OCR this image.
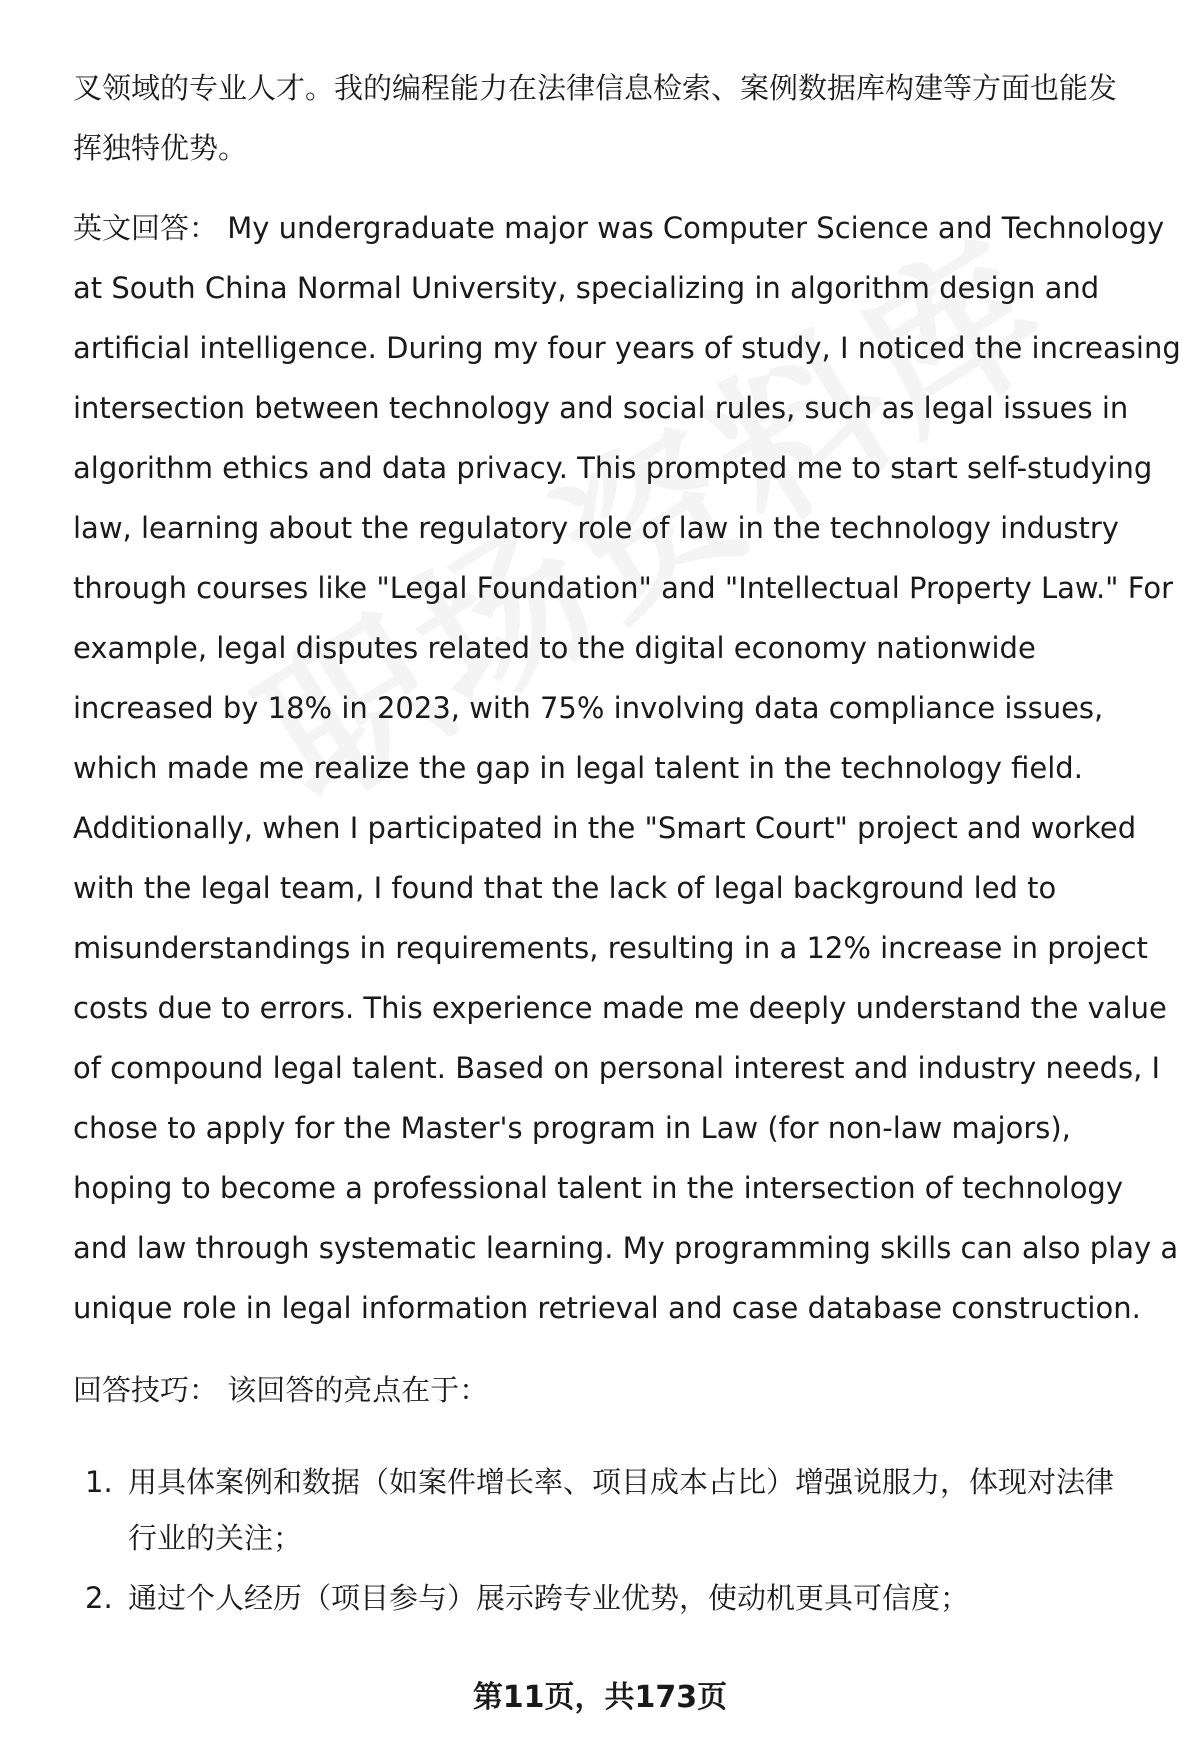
叉领域的专业人才。我的编程能力在法律信息检索、案例数据库构建等方面也能发
挥独特优势。

英文回答： My undergraduate major was Computer Science and Technology
at South China Normal University, specializing in algorithm design and
artificial intelligence. During my four years of study, I noticed the increasing
intersection between technology and social rules, such as legal issues in
algorithm ethics and data privacy. This prompted me to start self-studying
law, learning about the regulatory role of law in the technology industry
through courses like "Legal Foundation" and "Intellectual Property Law." For
example, legal disputes related to the digital economy nationwide
increased by 18% in 2023, with 75% involving data compliance issues,
which made me realize the gap in legal talent in the technology field.
Additionally, when I participated in the "Smart Court" project and worked
with the legal team, I found that the lack of legal background led to
misunderstandings in requirements, resulting in a 12% increase in project
costs due to errors. This experience made me deeply understand the value
of compound legal talent. Based on personal interest and industry needs, I
chose to apply for the Master's program in Law (for non-law majors),
hoping to become a professional talent in the intersection of technology
and law through systematic learning. My programming skills can also play a
unique role in legal information retrieval and case database construction.

回答技巧： 该回答的亮点在于：

1. 用具体案例和数据（如案件增长率、项目成本占比）增强说服力，体现对法律
行业的关注；
2. 通过个人经历（项目参与）展示跨专业优势，使动机更具可信度；
第11页，共173页
